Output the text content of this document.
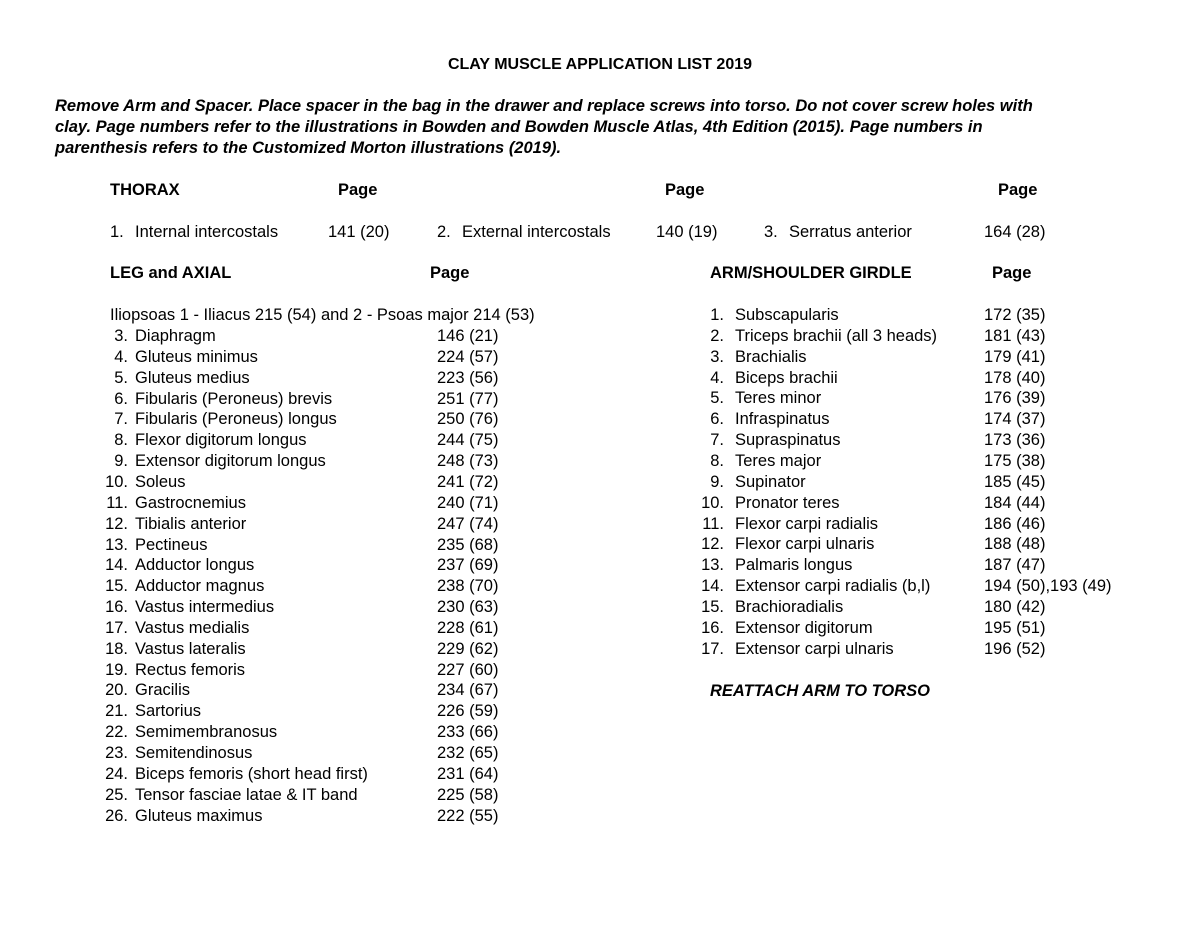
CLAY MUSCLE APPLICATION LIST 2019
Remove Arm and Spacer. Place spacer in the bag in the drawer and replace screws into torso. Do not cover screw holes with
clay. Page numbers refer to the illustrations in Bowden and Bowden Muscle Atlas, 4th Edition (2015). Page numbers in
parenthesis refers to the Customized Morton illustrations (2019).
THORAX	Page	Page	Page
1. Internal intercostals	141 (20)	2. External intercostals	140 (19)	3. Serratus anterior	164 (28)
LEG and AXIAL	Page
Iliopsoas 1 - Iliacus 215 (54) and 2 - Psoas major 214 (53)
3. Diaphragm	146 (21)
4. Gluteus minimus	224 (57)
5. Gluteus medius	223 (56)
6. Fibularis (Peroneus) brevis	251 (77)
7. Fibularis (Peroneus) longus	250 (76)
8. Flexor digitorum longus	244 (75)
9. Extensor digitorum longus	248 (73)
10. Soleus	241 (72)
11. Gastrocnemius	240 (71)
12. Tibialis anterior	247 (74)
13. Pectineus	235 (68)
14. Adductor longus	237 (69)
15. Adductor magnus	238 (70)
16. Vastus intermedius	230 (63)
17. Vastus medialis	228 (61)
18. Vastus lateralis	229 (62)
19. Rectus femoris	227 (60)
20. Gracilis	234 (67)
21. Sartorius	226 (59)
22. Semimembranosus	233 (66)
23. Semitendinosus	232 (65)
24. Biceps femoris (short head first)	231 (64)
25. Tensor fasciae latae & IT band	225 (58)
26. Gluteus maximus	222 (55)
ARM/SHOULDER GIRDLE	Page
1. Subscapularis	172 (35)
2. Triceps brachii (all 3 heads)	181 (43)
3. Brachialis	179 (41)
4. Biceps brachii	178 (40)
5. Teres minor	176 (39)
6. Infraspinatus	174 (37)
7. Supraspinatus	173 (36)
8. Teres major	175 (38)
9. Supinator	185 (45)
10. Pronator teres	184 (44)
11. Flexor carpi radialis	186 (46)
12. Flexor carpi ulnaris	188 (48)
13. Palmaris longus	187 (47)
14. Extensor carpi radialis (b,l)	194 (50),193 (49)
15. Brachioradialis	180 (42)
16. Extensor digitorum	195 (51)
17. Extensor carpi ulnaris	196 (52)
REATTACH ARM TO TORSO
